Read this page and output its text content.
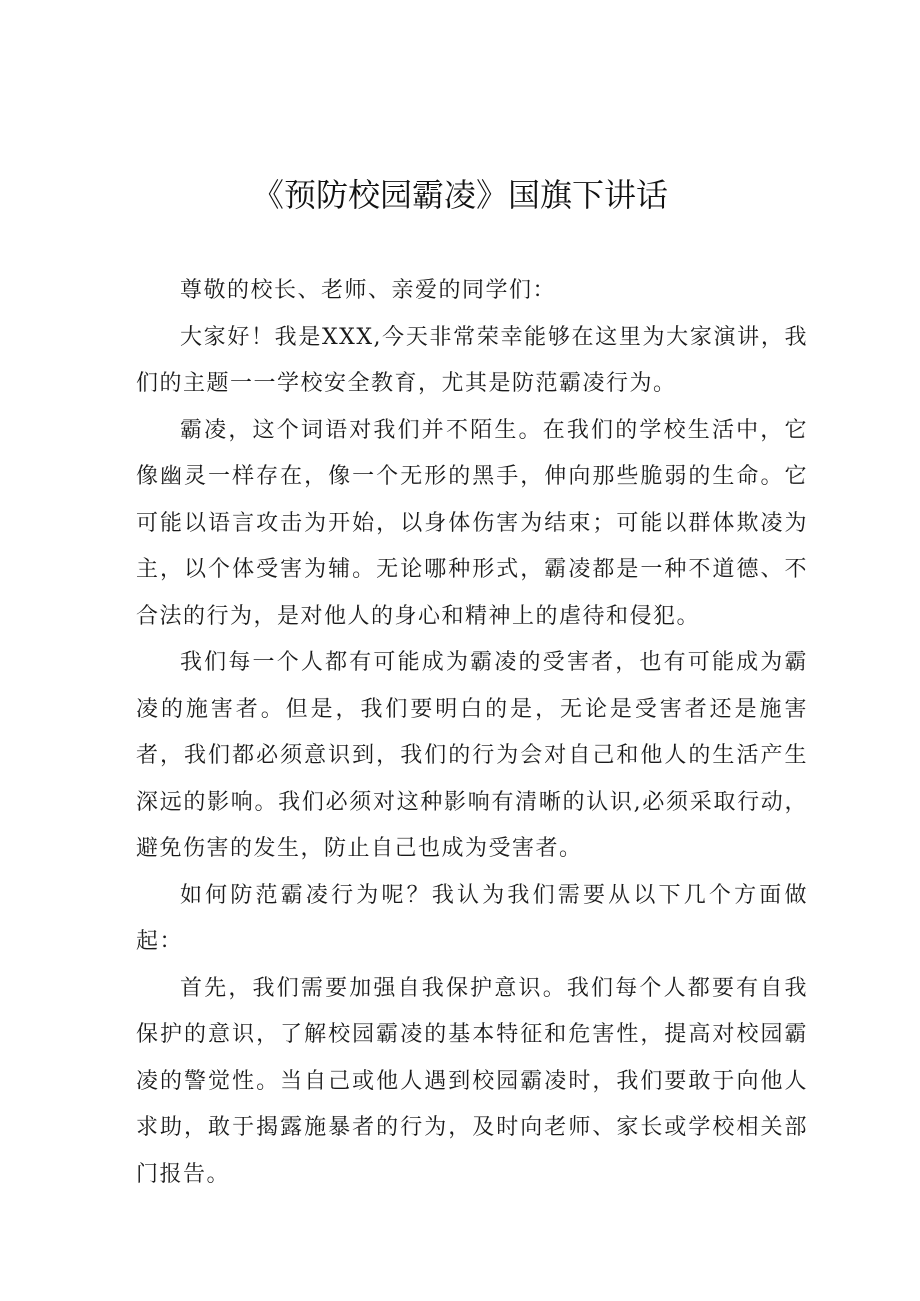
《预防校园霸凌》国旗下讲话

尊敬的校长、老师、亲爱的同学们：

大家好！我是XXX,今天非常荣幸能够在这里为大家演讲，我们的主题一一学校安全教育，尤其是防范霸凌行为。

霸凌，这个词语对我们并不陌生。在我们的学校生活中，它像幽灵一样存在，像一个无形的黑手，伸向那些脆弱的生命。它可能以语言攻击为开始，以身体伤害为结束；可能以群体欺凌为主，以个体受害为辅。无论哪种形式，霸凌都是一种不道德、不合法的行为，是对他人的身心和精神上的虐待和侵犯。

我们每一个人都有可能成为霸凌的受害者，也有可能成为霸凌的施害者。但是，我们要明白的是，无论是受害者还是施害者，我们都必须意识到，我们的行为会对自己和他人的生活产生深远的影响。我们必须对这种影响有清晰的认识,必须采取行动，避免伤害的发生，防止自己也成为受害者。

如何防范霸凌行为呢？我认为我们需要从以下几个方面做起：

首先，我们需要加强自我保护意识。我们每个人都要有自我保护的意识，了解校园霸凌的基本特征和危害性，提高对校园霸凌的警觉性。当自己或他人遇到校园霸凌时，我们要敢于向他人求助，敢于揭露施暴者的行为，及时向老师、家长或学校相关部门报告。
